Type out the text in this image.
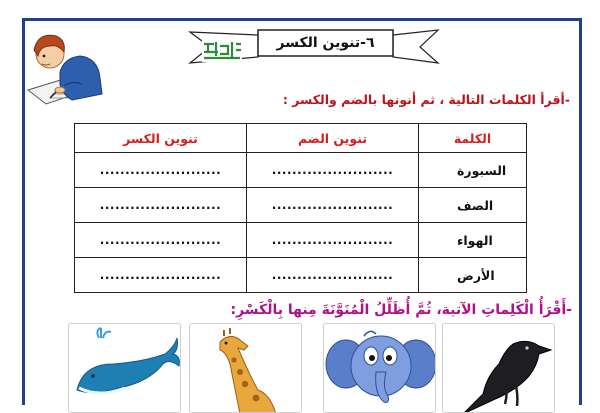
٦-تنوين الكسر
-أقرأ الكلمات التالية ، ثم أنونها بالضم والكسر :
الكلمة	تنوين الضم	تنوين الكسر
السبورة	........................	........................
الصف	........................	........................
الهواء	........................	........................
الأرض	........................	........................
-أَقْرَأُ الْكَلِماتِ الآتية، ثُمَّ أُظَلِّلُ الْمُنَوَّنَةَ مِنها بِالْكَسْرِ:
